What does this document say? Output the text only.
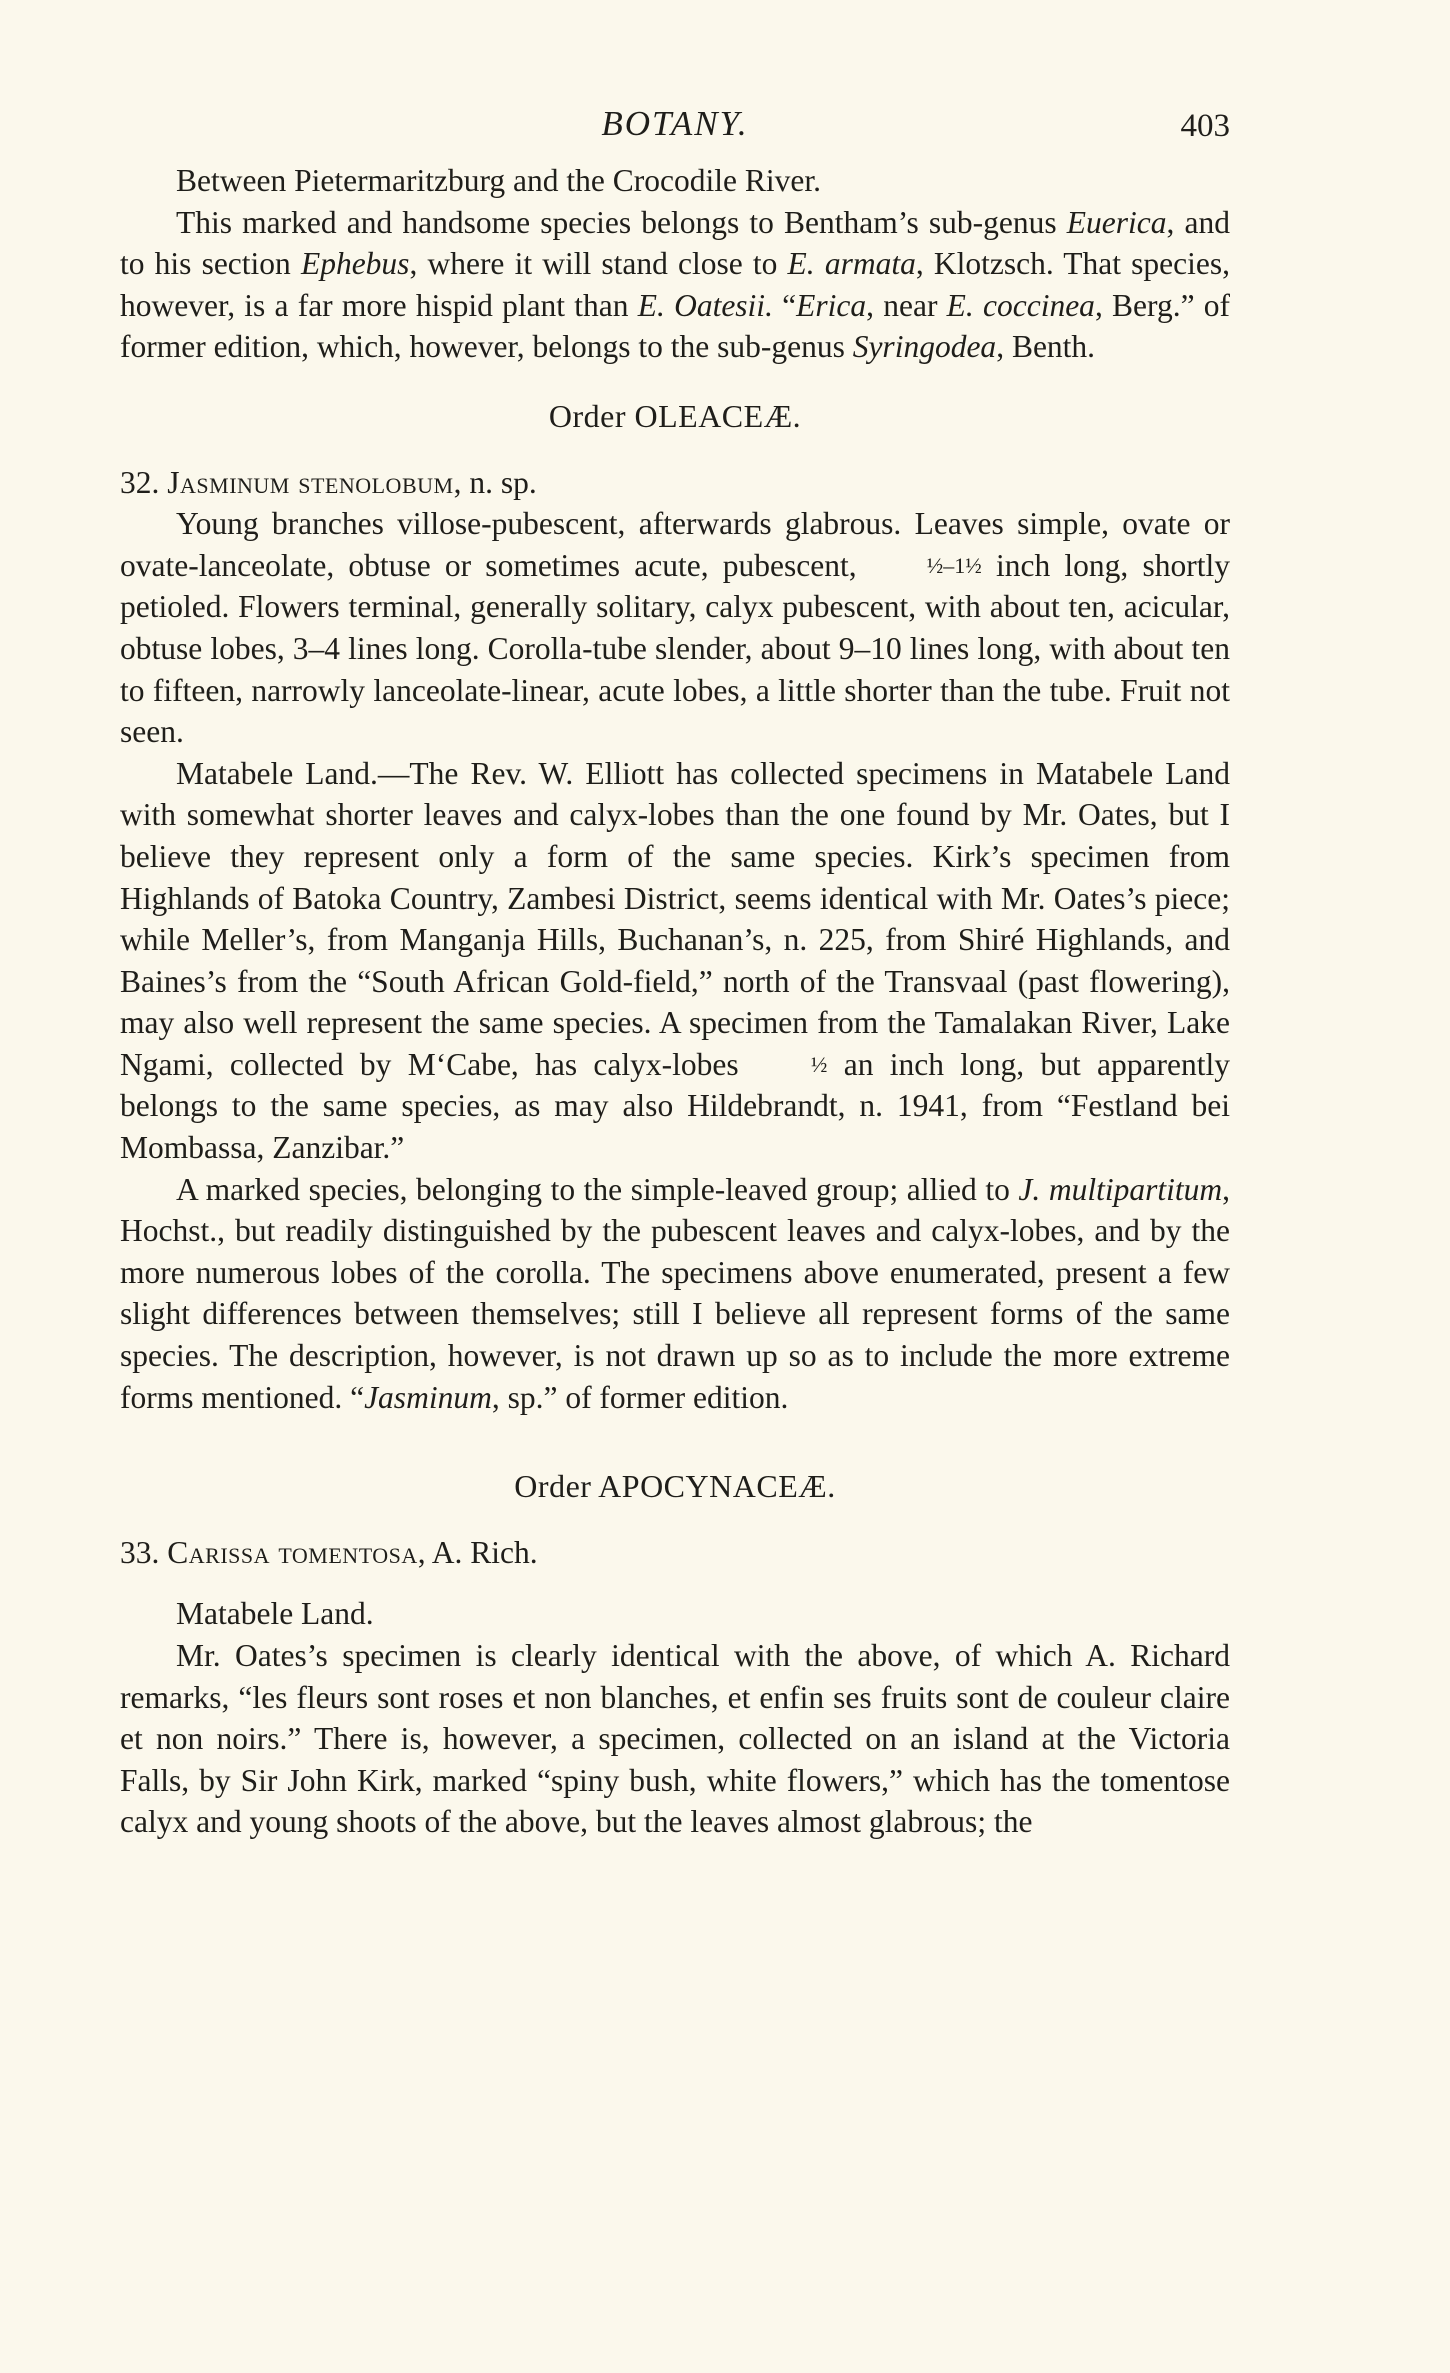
BOTANY.	403

Between Pietermaritzburg and the Crocodile River.

This marked and handsome species belongs to Bentham’s sub-genus Euerica, and to his section Ephebus, where it will stand close to E. armata, Klotzsch. That species, however, is a far more hispid plant than E. Oatesii. “Erica, near E. coccinea, Berg.” of former edition, which, however, belongs to the sub-genus Syringodea, Benth.

Order OLEACEÆ.

32. Jasminum stenolobum, n. sp.

Young branches villose-pubescent, afterwards glabrous. Leaves simple, ovate or ovate-lanceolate, obtuse or sometimes acute, pubescent,	½–1½ inch long, shortly petioled. Flowers terminal, generally solitary, calyx pubescent, with about ten, acicular, obtuse lobes, 3–4 lines long. Corolla-tube slender, about 9–10 lines long, with about ten to fifteen, narrowly lanceolate-linear, acute lobes, a little shorter than the tube. Fruit not seen.

Matabele Land.—The Rev. W. Elliott has collected specimens in Matabele Land with somewhat shorter leaves and calyx-lobes than the one found by Mr. Oates, but I believe they represent only a form of the same species. Kirk’s specimen from Highlands of Batoka Country, Zambesi District, seems identical with Mr. Oates’s piece; while Meller’s, from Manganja Hills, Buchanan’s, n. 225, from Shiré Highlands, and Baines’s from the “South African Gold-field,” north of the Transvaal (past flowering), may also well represent the same species. A specimen from the Tamalakan River, Lake Ngami, collected by M‘Cabe, has calyx-lobes	½ an inch long, but apparently belongs to the same species, as may also Hildebrandt, n. 1941, from “Festland bei Mombassa, Zanzibar.”

A marked species, belonging to the simple-leaved group; allied to J. multipartitum, Hochst., but readily distinguished by the pubescent leaves and calyx-lobes, and by the more numerous lobes of the corolla. The specimens above enumerated, present a few slight differences between themselves; still I believe all represent forms of the same species. The description, however, is not drawn up so as to include the more extreme forms mentioned. “Jasminum, sp.” of former edition.

Order APOCYNACEÆ.

33. Carissa tomentosa, A. Rich.

Matabele Land.

Mr. Oates’s specimen is clearly identical with the above, of which A. Richard remarks, “les fleurs sont roses et non blanches, et enfin ses fruits sont de couleur claire et non noirs.” There is, however, a specimen, collected on an island at the Victoria Falls, by Sir John Kirk, marked “spiny bush, white flowers,” which has the tomentose calyx and young shoots of the above, but the leaves almost glabrous; the
